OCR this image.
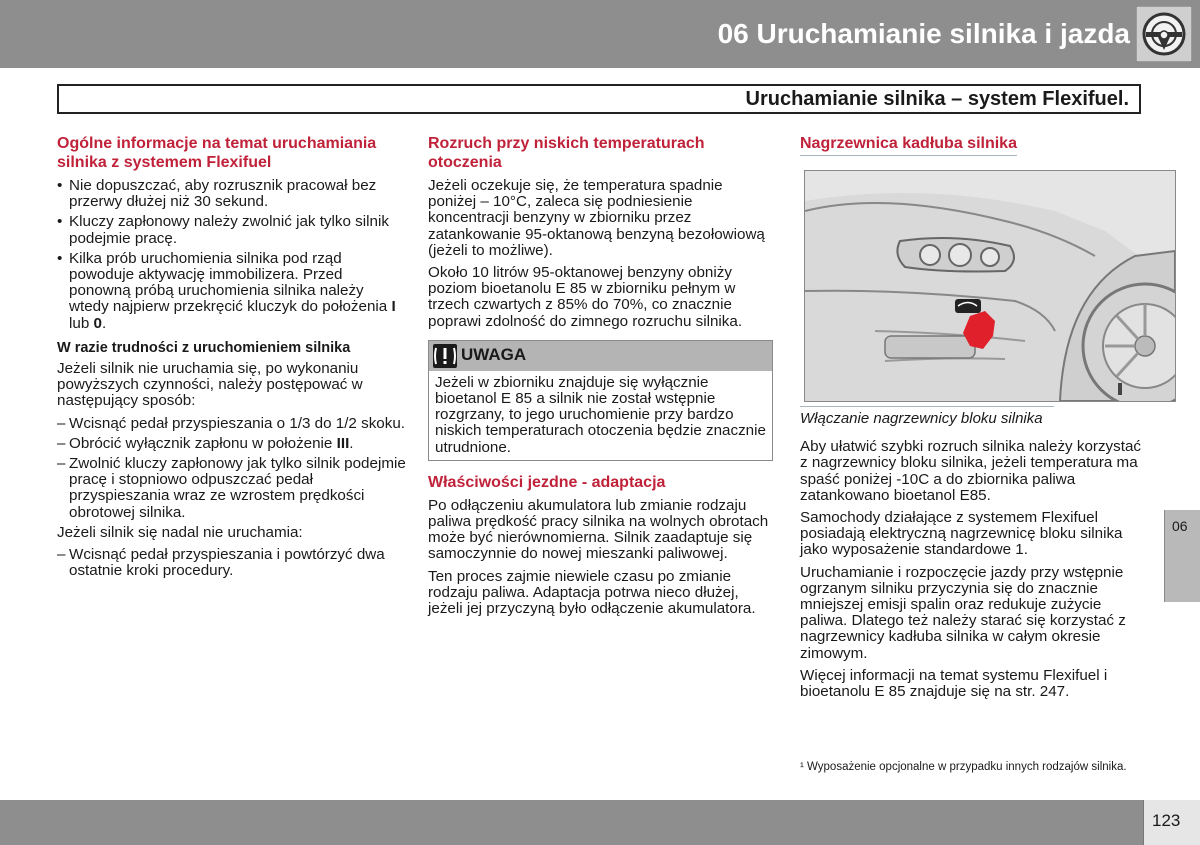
06 Uruchamianie silnika i jazda
Uruchamianie silnika – system Flexifuel.
Ogólne informacje na temat uruchamiania silnika z systemem Flexifuel
• Nie dopuszczać, aby rozrusznik pracował bez przerwy dłużej niż 30 sekund.
• Kluczy zapłonowy należy zwolnić jak tylko silnik podejmie pracę.
• Kilka prób uruchomienia silnika pod rząd powoduje aktywację immobilizera. Przed ponowną próbą uruchomienia silnika należy wtedy najpierw przekręcić kluczyk do położenia I lub 0.
W razie trudności z uruchomieniem silnika

Jeżeli silnik nie uruchamia się, po wykonaniu powyższych czynności, należy postępować w następujący sposób:

– Wcisnąć pedał przyspieszania o 1/3 do 1/2 skoku.
– Obrócić wyłącznik zapłonu w położenie III.
– Zwolnić kluczy zapłonowy jak tylko silnik podejmie pracę i stopniowo odpuszczać pedał przyspieszania wraz ze wzrostem prędkości obrotowej silnika.

Jeżeli silnik się nadal nie uruchamia:

– Wcisnąć pedał przyspieszania i powtórzyć dwa ostatnie kroki procedury.
Rozruch przy niskich temperaturach otoczenia

Jeżeli oczekuje się, że temperatura spadnie poniżej – 10°C, zaleca się podniesienie koncentracji benzyny w zbiorniku przez zatankowanie 95-oktanową benzyną bezołowiową (jeżeli to możliwe).

Około 10 litrów 95-oktanowej benzyny obniży poziom bioetanolu E 85 w zbiorniku pełnym w trzech czwartych z 85% do 70%, co znacznie poprawi zdolność do zimnego rozruchu silnika.

UWAGA
Jeżeli w zbiorniku znajduje się wyłącznie bioetanol E 85 a silnik nie został wstępnie rozgrzany, to jego uruchomienie przy bardzo niskich temperaturach otoczenia będzie znacznie utrudnione.
Właściwości jezdne - adaptacja

Po odłączeniu akumulatora lub zmianie rodzaju paliwa prędkość pracy silnika na wolnych obrotach może być nierównomierna. Silnik zaadaptuje się samoczynnie do nowej mieszanki paliwowej.

Ten proces zajmie niewiele czasu po zmianie rodzaju paliwa. Adaptacja potrwa nieco dłużej, jeżeli jej przyczyną było odłączenie akumulatora.

Nagrzewnica kadłuba silnika
Włączanie nagrzewnicy bloku silnika

Aby ułatwić szybki rozruch silnika należy korzystać z nagrzewnicy bloku silnika, jeżeli temperatura ma spaść poniżej -10C a do zbiornika paliwa zatankowano bioetanol E85.

Samochody działające z systemem Flexifuel posiadają elektryczną nagrzewnicę bloku silnika jako wyposażenie standardowe 1.

Uruchamianie i rozpoczęcie jazdy przy wstępnie ogrzanym silniku przyczynia się do znacznie mniejszej emisji spalin oraz redukuje zużycie paliwa. Dlatego też należy starać się korzystać z nagrzewnicy kadłuba silnika w całym okresie zimowym.

Więcej informacji na temat systemu Flexifuel i bioetanolu E 85 znajduje się na str. 247.

¹ Wyposażenie opcjonalne w przypadku innych rodzajów silnika.
06
123
